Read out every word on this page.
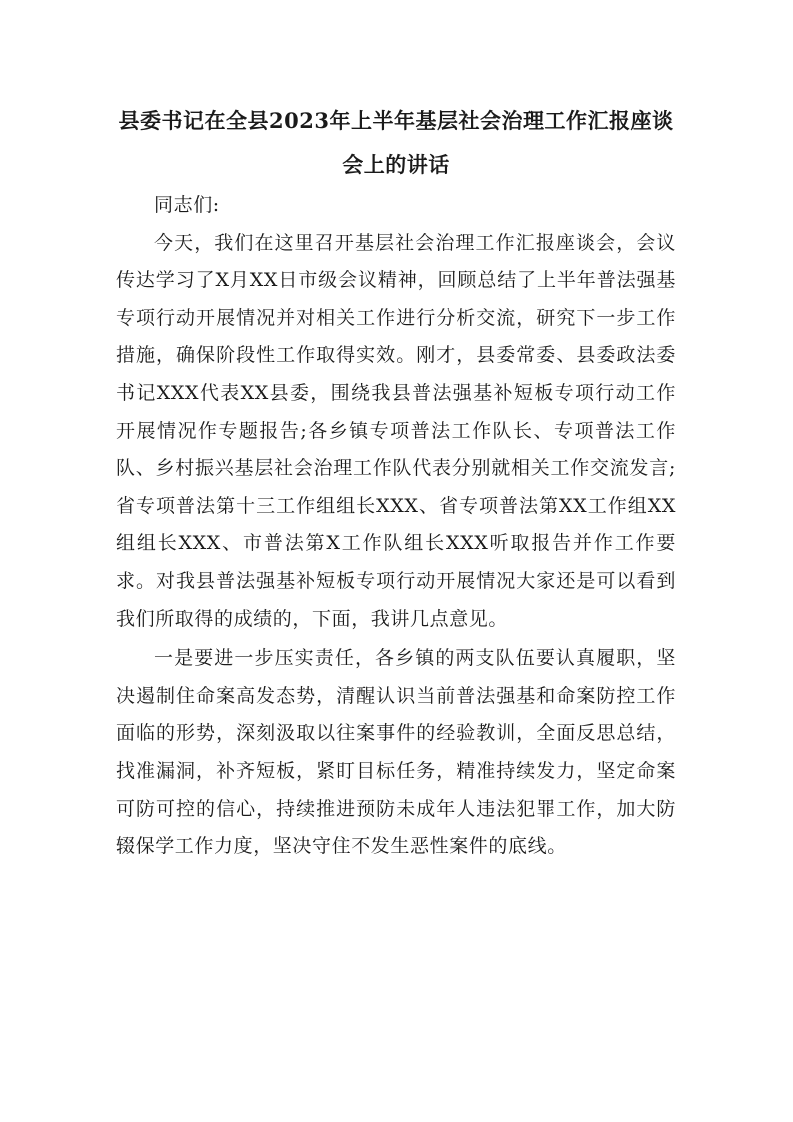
县委书记在全县2023年上半年基层社会治理工作汇报座谈会上的讲话

同志们:

今天，我们在这里召开基层社会治理工作汇报座谈会，会议传达学习了X月XX日市级会议精神，回顾总结了上半年普法强基专项行动开展情况并对相关工作进行分析交流，研究下一步工作措施，确保阶段性工作取得实效。刚才，县委常委、县委政法委书记XXX代表XX县委，围绕我县普法强基补短板专项行动工作开展情况作专题报告;各乡镇专项普法工作队长、专项普法工作队、乡村振兴基层社会治理工作队代表分别就相关工作交流发言;省专项普法第十三工作组组长XXX、省专项普法第XX工作组XX组组长XXX、市普法第X工作队组长XXX听取报告并作工作要求。对我县普法强基补短板专项行动开展情况大家还是可以看到我们所取得的成绩的，下面，我讲几点意见。

一是要进一步压实责任，各乡镇的两支队伍要认真履职，坚决遏制住命案高发态势，清醒认识当前普法强基和命案防控工作面临的形势，深刻汲取以往案事件的经验教训，全面反思总结，找准漏洞，补齐短板，紧盯目标任务，精准持续发力，坚定命案可防可控的信心，持续推进预防未成年人违法犯罪工作，加大防辍保学工作力度，坚决守住不发生恶性案件的底线。
